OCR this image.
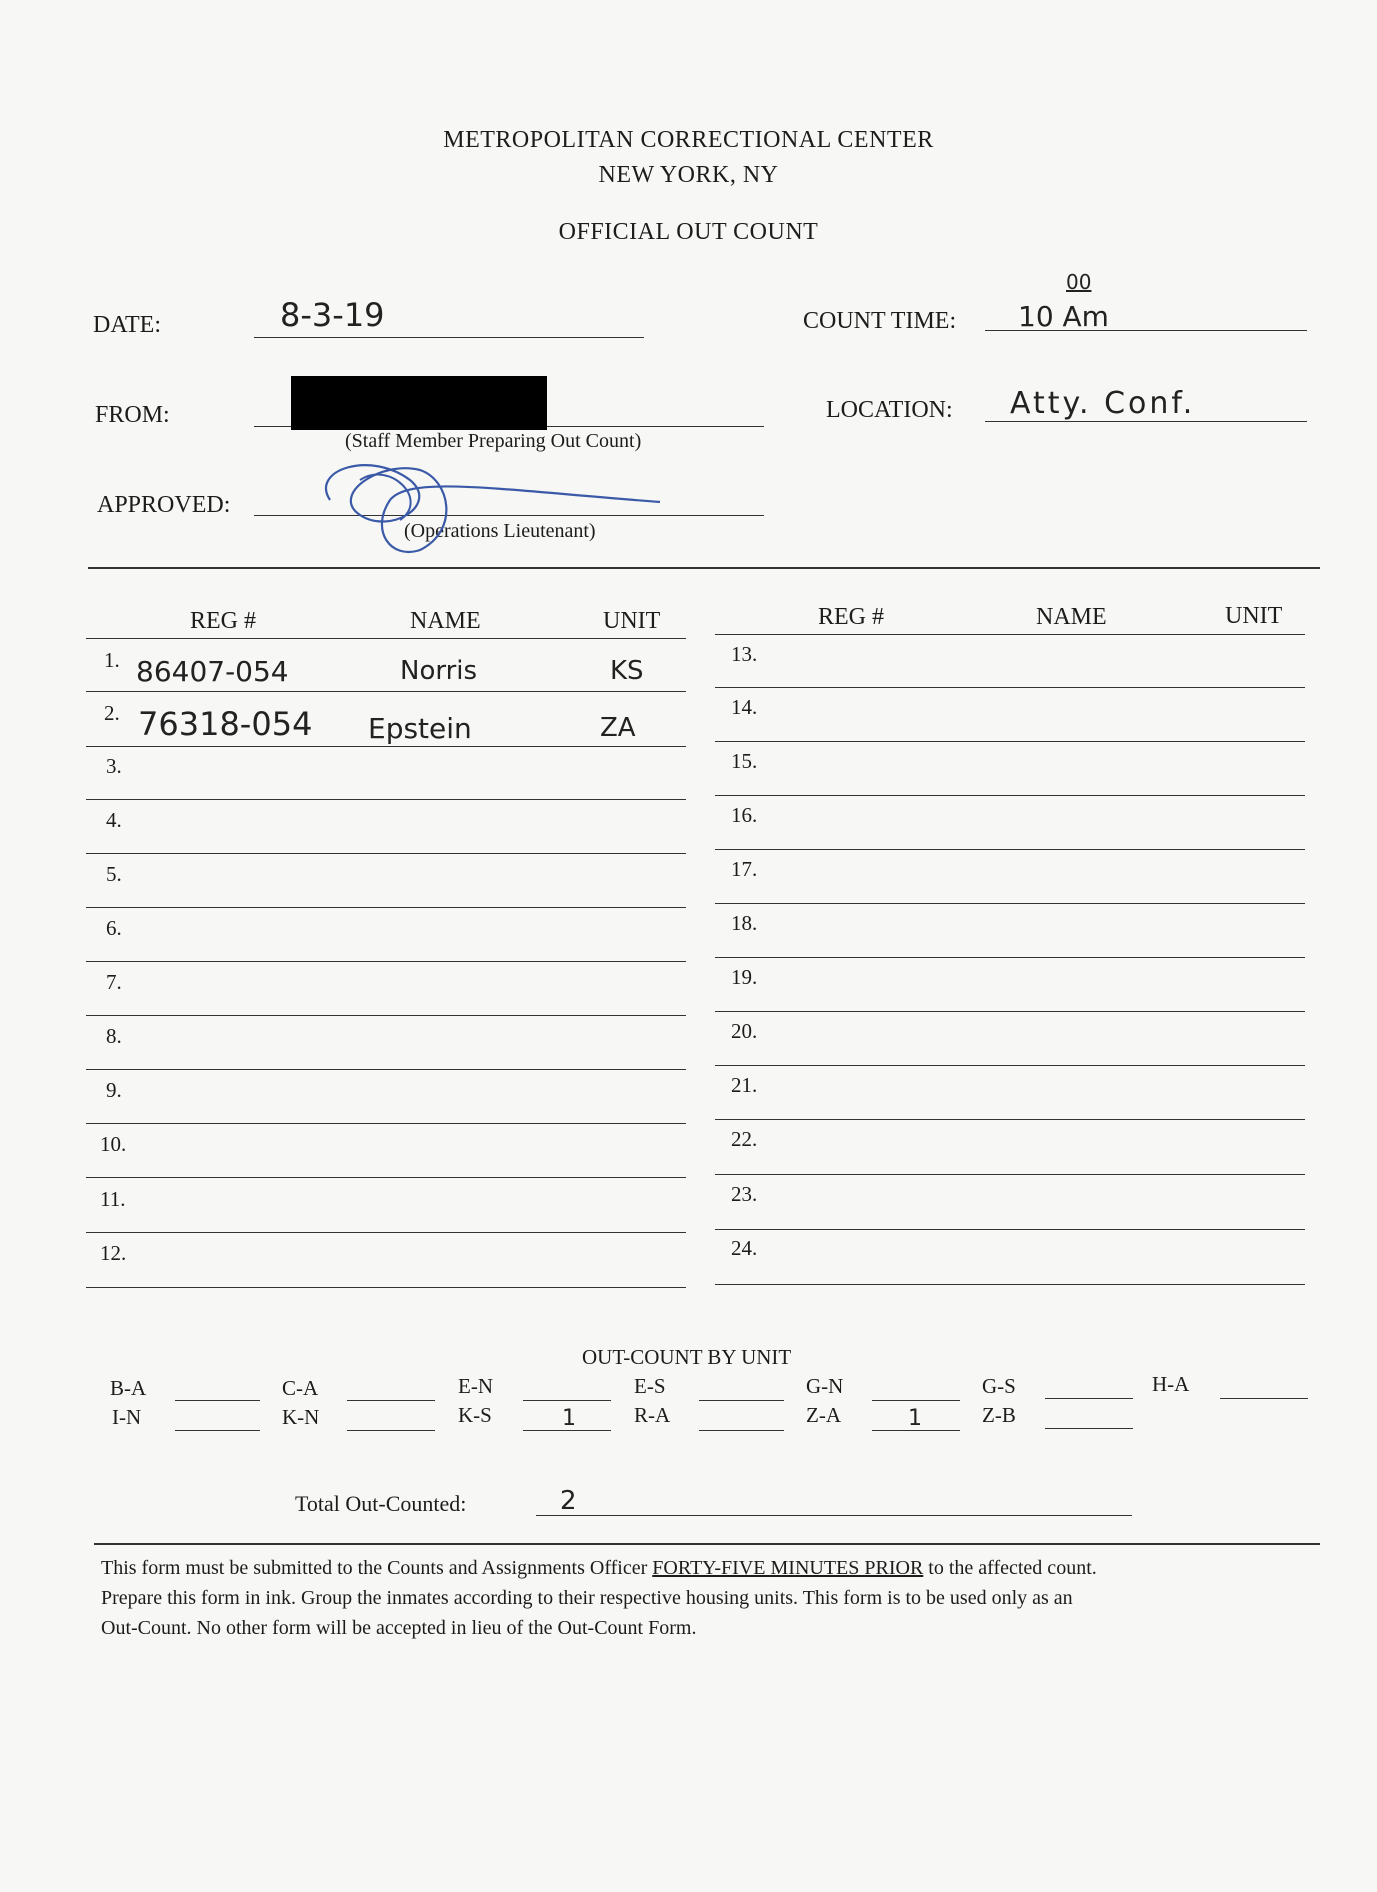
METROPOLITAN CORRECTIONAL CENTER
NEW YORK, NY
OFFICIAL OUT COUNT
DATE:	8-3-19	COUNT TIME: 10 Am
00
FROM:
(Staff Member Preparing Out Count)
LOCATION: Atty. Conf.
APPROVED:
(Operations Lieutenant)
REG #	NAME	UNIT	REG #	NAME	UNIT
1. 86407-054	Norris	KS
2. 76318-054 Epstein	ZA
3.
4.
5.
6.
7.
8.
9.
10.
11.
12.
13.
14.
15.
16.
17.
18.
19.
20.
21.
22.
23.
24.
OUT-COUNT BY UNIT
B-A	C-A	E-N	E-S	G-N	G-S	H-A
I-N	K-N	K-S	1	R-A	Z-A	1	Z-B
Total Out-Counted:	2
This form must be submitted to the Counts and Assignments Officer FORTY-FIVE MINUTES PRIOR to the affected count.
Prepare this form in ink. Group the inmates according to their respective housing units. This form is to be used only as an
Out-Count. No other form will be accepted in lieu of the Out-Count Form.
